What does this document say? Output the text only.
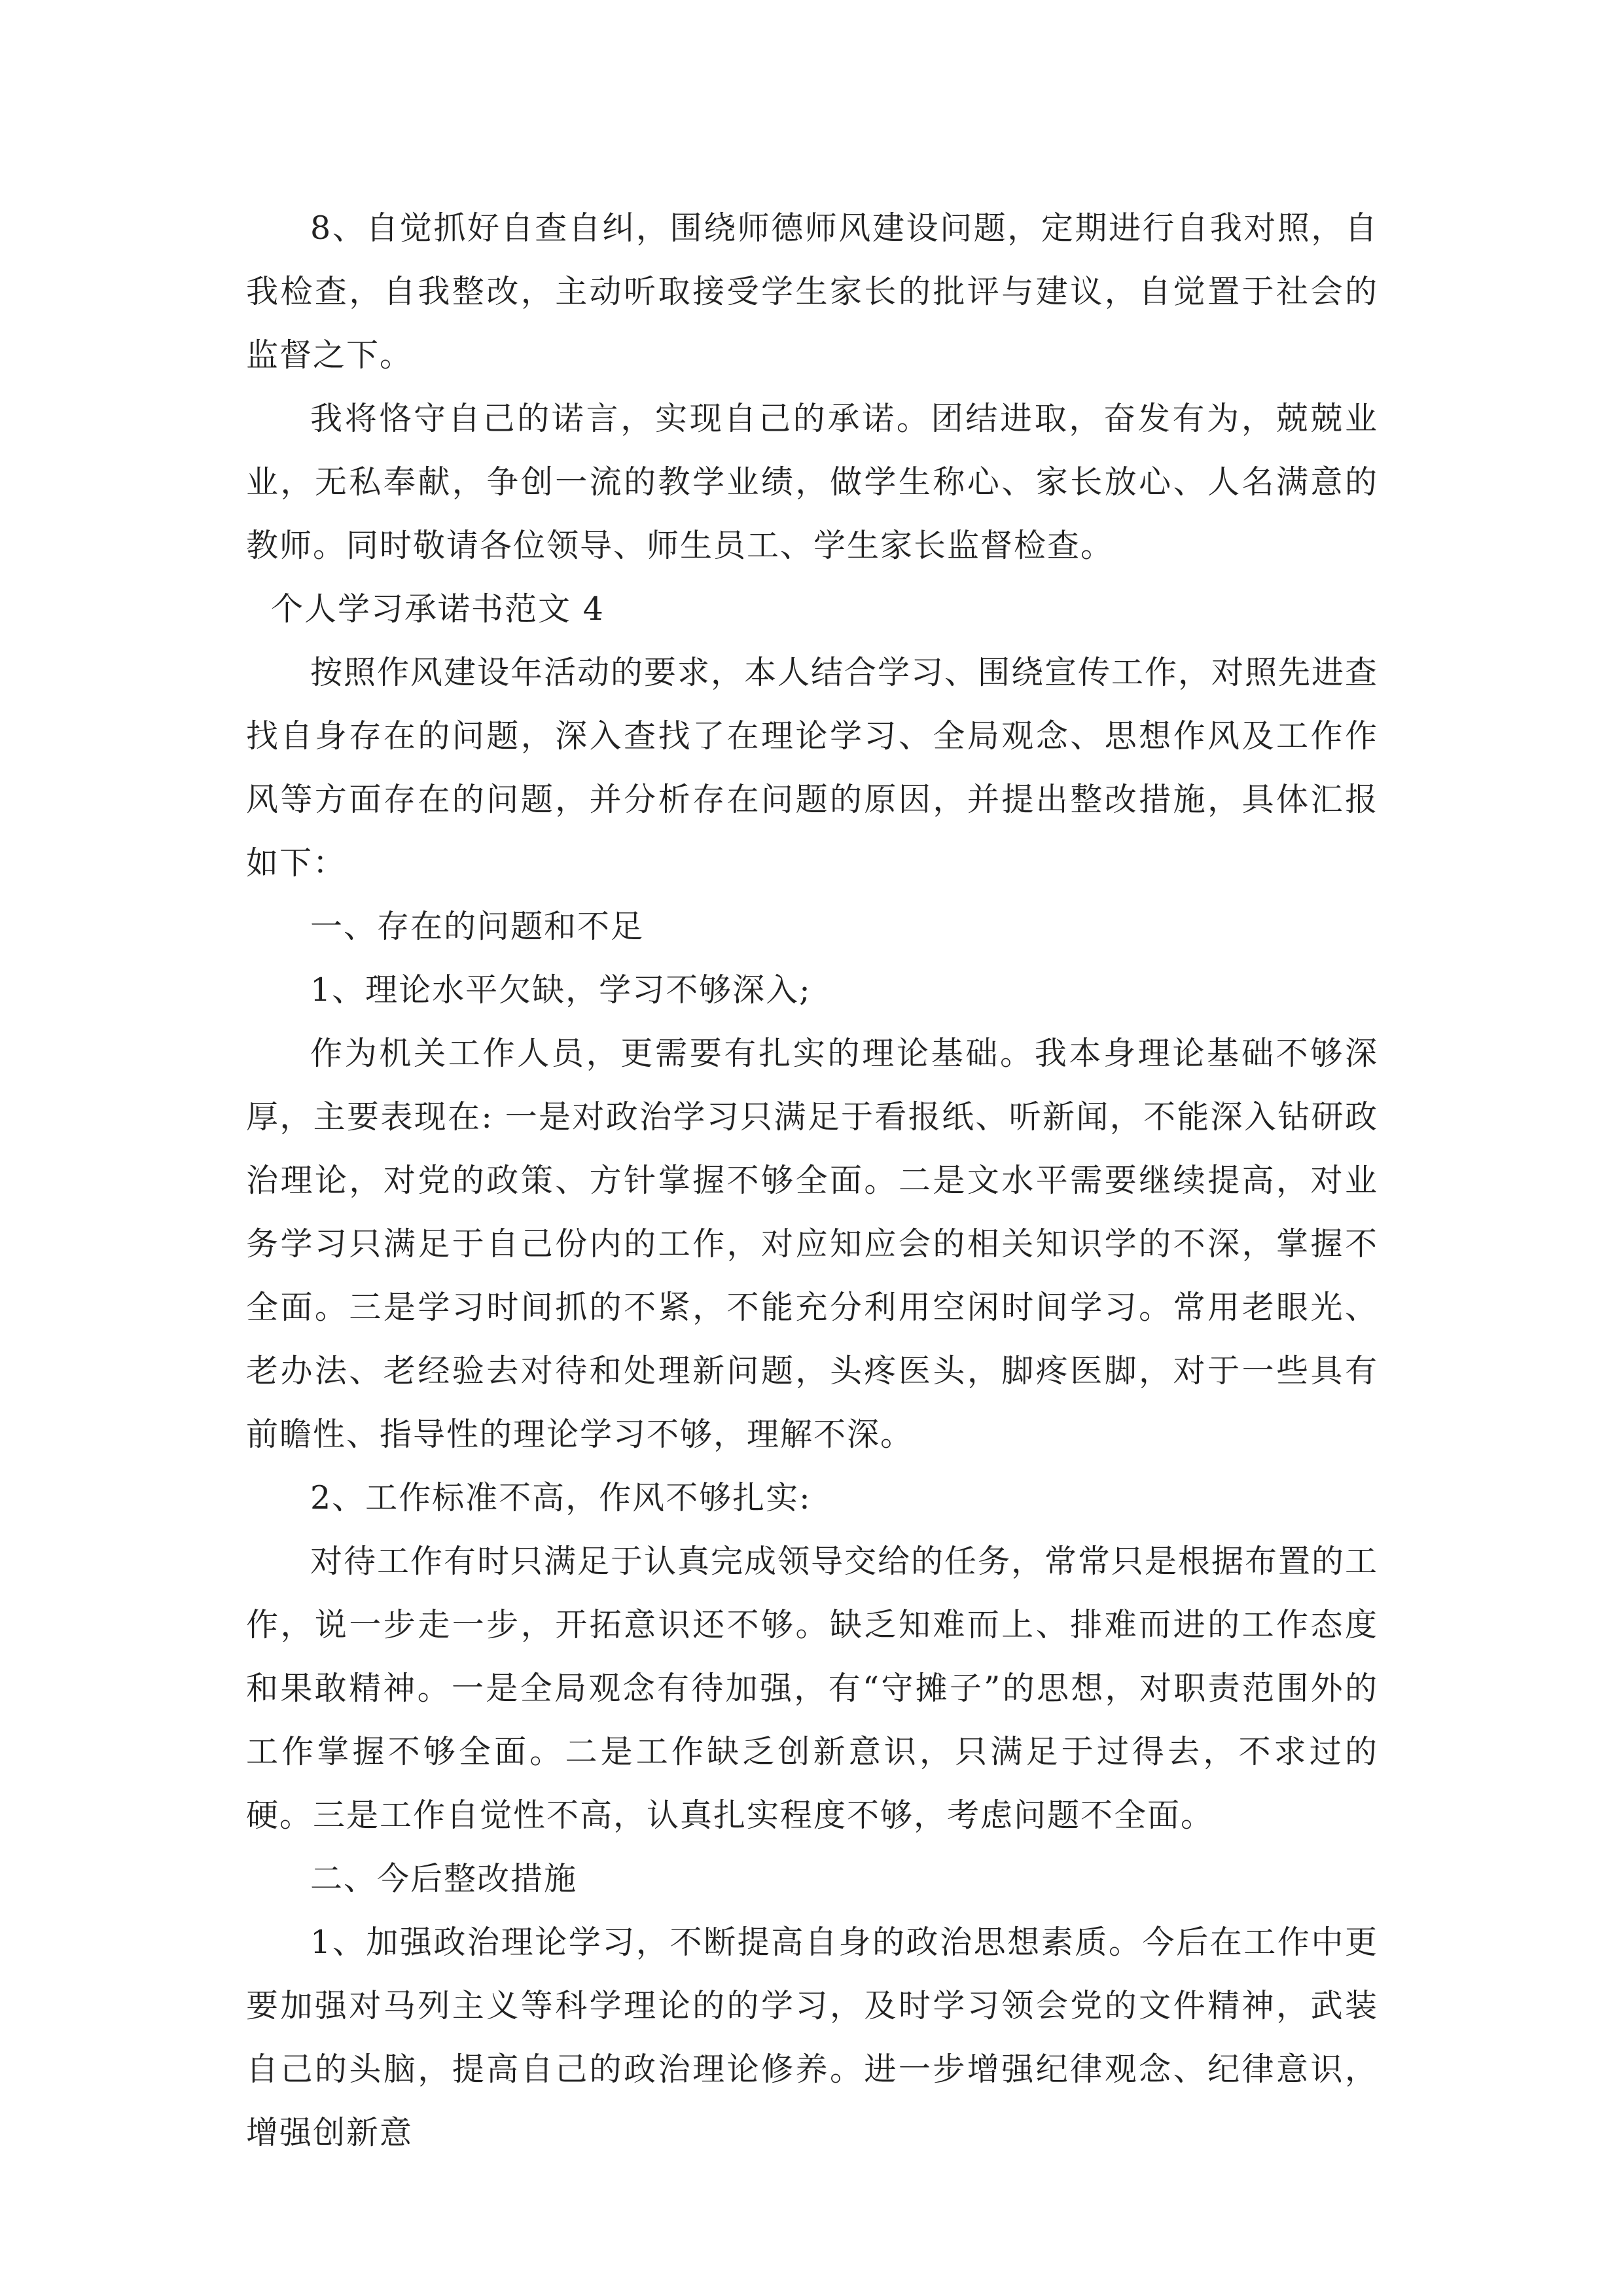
8、自觉抓好自查自纠，围绕师德师风建设问题，定期进行自我对照，自我检查，自我整改，主动听取接受学生家长的批评与建议，自觉置于社会的监督之下。

我将恪守自己的诺言，实现自己的承诺。团结进取，奋发有为，兢兢业业，无私奉献，争创一流的教学业绩，做学生称心、家长放心、人名满意的教师。同时敬请各位领导、师生员工、学生家长监督检查。

个人学习承诺书范文 4

按照作风建设年活动的要求，本人结合学习、围绕宣传工作，对照先进查找自身存在的问题，深入查找了在理论学习、全局观念、思想作风及工作作风等方面存在的问题，并分析存在问题的原因，并提出整改措施，具体汇报如下：

一、存在的问题和不足

1、理论水平欠缺，学习不够深入;

作为机关工作人员，更需要有扎实的理论基础。我本身理论基础不够深厚，主要表现在: 一是对政治学习只满足于看报纸、听新闻，不能深入钻研政治理论，对党的政策、方针掌握不够全面。二是文水平需要继续提高，对业务学习只满足于自己份内的工作，对应知应会的相关知识学的不深，掌握不全面。三是学习时间抓的不紧，不能充分利用空闲时间学习。常用老眼光、老办法、老经验去对待和处理新问题，头疼医头，脚疼医脚，对于一些具有前瞻性、指导性的理论学习不够，理解不深。

2、工作标准不高，作风不够扎实:

对待工作有时只满足于认真完成领导交给的任务，常常只是根据布置的工作，说一步走一步，开拓意识还不够。缺乏知难而上、排难而进的工作态度和果敢精神。一是全局观念有待加强，有“守摊子”的思想，对职责范围外的工作掌握不够全面。二是工作缺乏创新意识，只满足于过得去，不求过的硬。三是工作自觉性不高，认真扎实程度不够，考虑问题不全面。

二、今后整改措施

1、加强政治理论学习，不断提高自身的政治思想素质。今后在工作中更要加强对马列主义等科学理论的的学习，及时学习领会党的文件精神，武装自己的头脑，提高自己的政治理论修养。进一步增强纪律观念、纪律意识，增强创新意
